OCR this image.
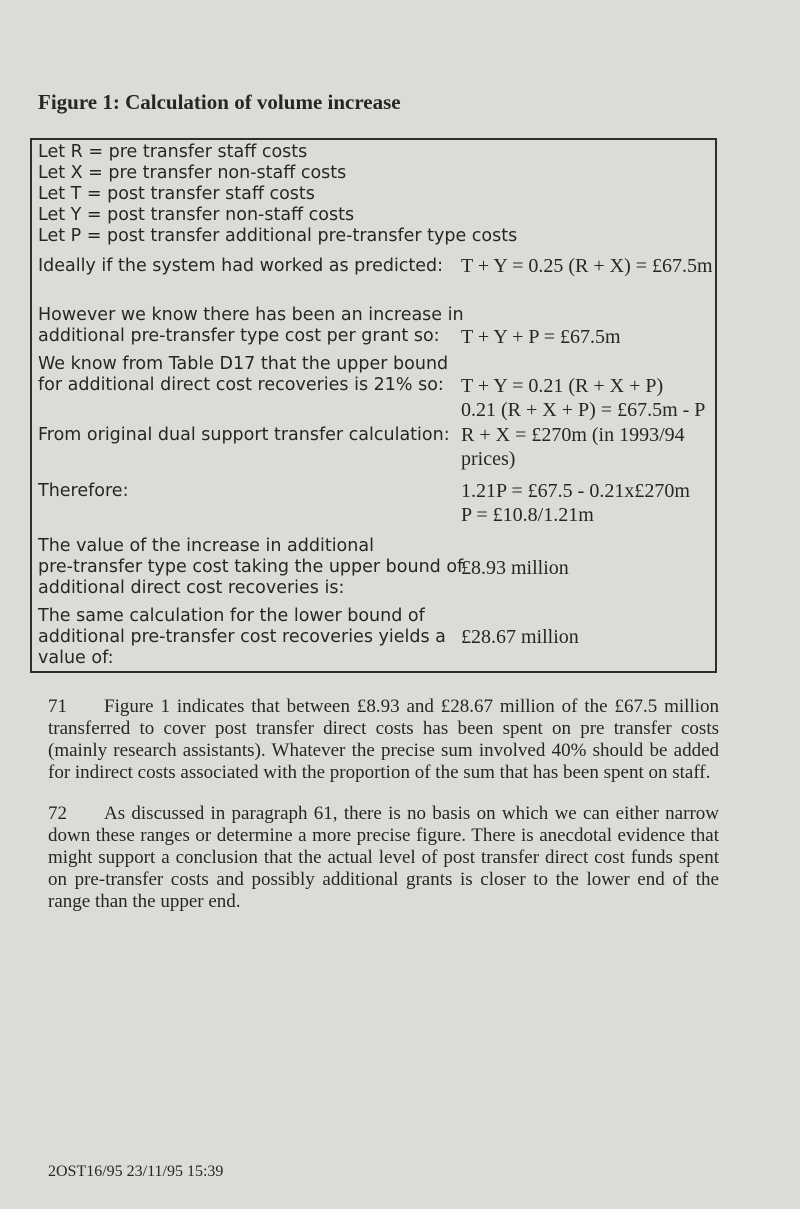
Figure 1: Calculation of volume increase
Let R = pre transfer staff costs
Let X = pre transfer non-staff costs
Let T = post transfer staff costs
Let Y = post transfer non-staff costs
Let P = post transfer additional pre-transfer type costs
Ideally if the system had worked as predicted: T + Y = 0.25 (R + X) = £67.5m
However we know there has been an increase in
additional pre-transfer type cost per grant so: T + Y + P = £67.5m
We know from Table D17 that the upper bound
for additional direct cost recoveries is 21% so: T + Y = 0.21 (R + X + P)
0.21 (R + X + P) = £67.5m - P
From original dual support transfer calculation: R + X = £270m (in 1993/94
prices)
Therefore:	1.21P = £67.5 - 0.21x£270m
P = £10.8/1.21m
The value of the increase in additional
pre-transfer type cost taking the upper bound of
additional direct cost recoveries is:
£8.93 million
The same calculation for the lower bound of
additional pre-transfer cost recoveries yields a
value of:
£28.67 million

71 Figure 1 indicates that between £8.93 and £28.67 million of the £67.5 million transferred to cover post transfer direct costs has been spent on pre transfer costs (mainly research assistants). Whatever the precise sum involved 40% should be added for indirect costs associated with the proportion of the sum that has been spent on staff.

72 As discussed in paragraph 61, there is no basis on which we can either narrow down these ranges or determine a more precise figure. There is anecdotal evidence that might support a conclusion that the actual level of post transfer direct cost funds spent on pre-transfer costs and possibly additional grants is closer to the lower end of the range than the upper end.

2OST16/95 23/11/95 15:39
